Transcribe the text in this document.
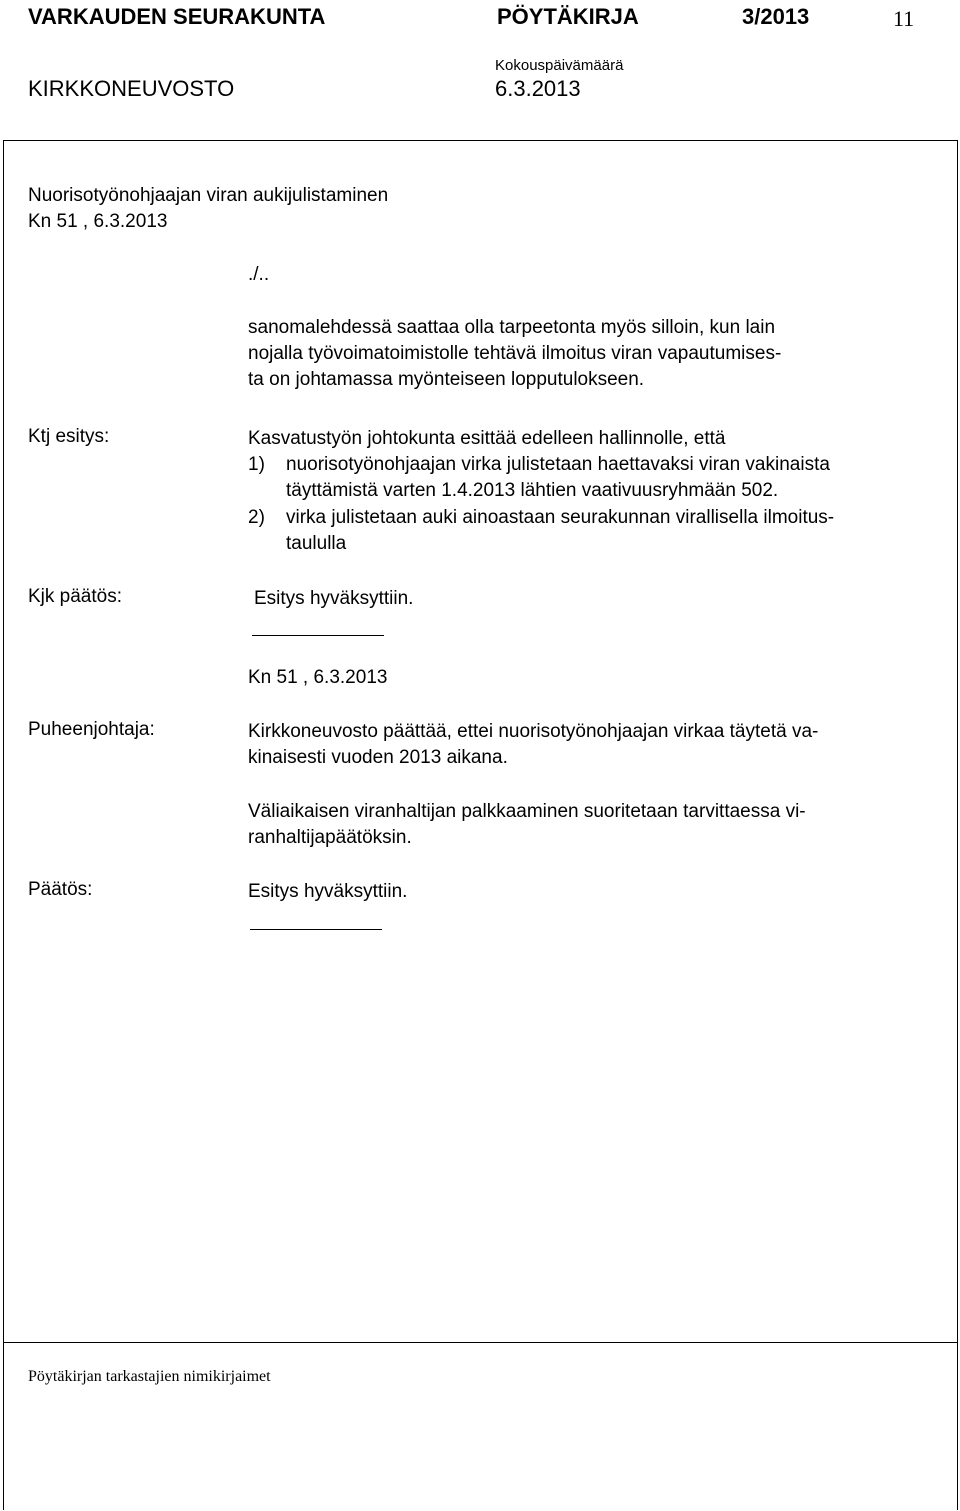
VARKAUDEN SEURAKUNTA	PÖYTÄKIRJA	3/2013	11
KIRKKONEUVOSTO
Kokouspäivämäärä
6.3.2013
Nuorisotyönohjaajan viran aukijulistaminen
Kn 51 , 6.3.2013
./..
sanomalehdessä saattaa olla tarpeetonta myös silloin, kun lain
nojalla työvoimatoimistolle tehtävä ilmoitus viran vapautumises-
ta on johtamassa myönteiseen lopputulokseen.
Ktj esitys:	Kasvatustyön johtokunta esittää edelleen hallinnolle, että
1) nuorisotyönohjaajan virka julistetaan haettavaksi viran vakinaista
täyttämistä varten 1.4.2013 lähtien vaativuusryhmään 502.
2) virka julistetaan auki ainoastaan seurakunnan virallisella ilmoitus-
taululla
Kjk päätös:	Esitys hyväksyttiin.
Kn 51 , 6.3.2013
Puheenjohtaja:	Kirkkoneuvosto päättää, ettei nuorisotyönohjaajan virkaa täytetä va-
kinaisesti vuoden 2013 aikana.
Väliaikaisen viranhaltijan palkkaaminen suoritetaan tarvittaessa vi-
ranhaltijapäätöksin.
Päätös:	Esitys hyväksyttiin.
Pöytäkirjan tarkastajien nimikirjaimet
